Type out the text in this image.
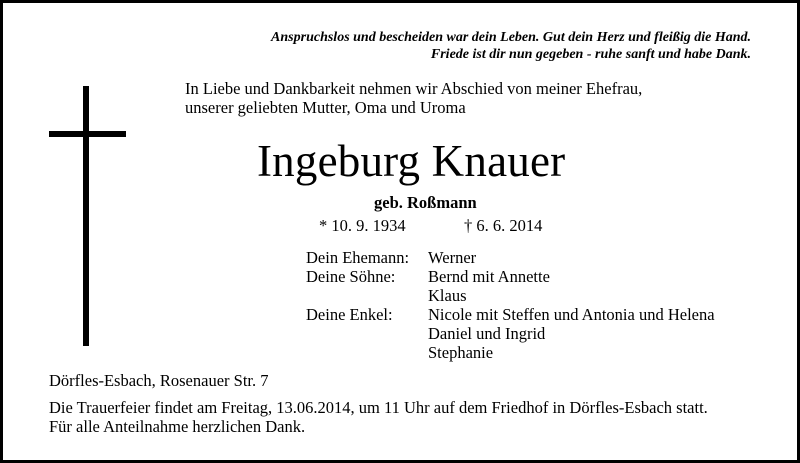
Anspruchslos und bescheiden war dein Leben. Gut dein Herz und fleißig die Hand.
Friede ist dir nun gegeben - ruhe sanft und habe Dank.
In Liebe und Dankbarkeit nehmen wir Abschied von meiner Ehefrau,
unserer geliebten Mutter, Oma und Uroma
Ingeburg Knauer
geb. Roßmann
* 10. 9. 1934	† 6. 6. 2014
Dein Ehemann: Werner
Deine Söhne: Bernd mit Annette
Klaus
Deine Enkel: Nicole mit Steffen und Antonia und Helena
Daniel und Ingrid
Stephanie
Dörfles-Esbach, Rosenauer Str. 7
Die Trauerfeier findet am Freitag, 13.06.2014, um 11 Uhr auf dem Friedhof in Dörfles-Esbach statt.
Für alle Anteilnahme herzlichen Dank.
